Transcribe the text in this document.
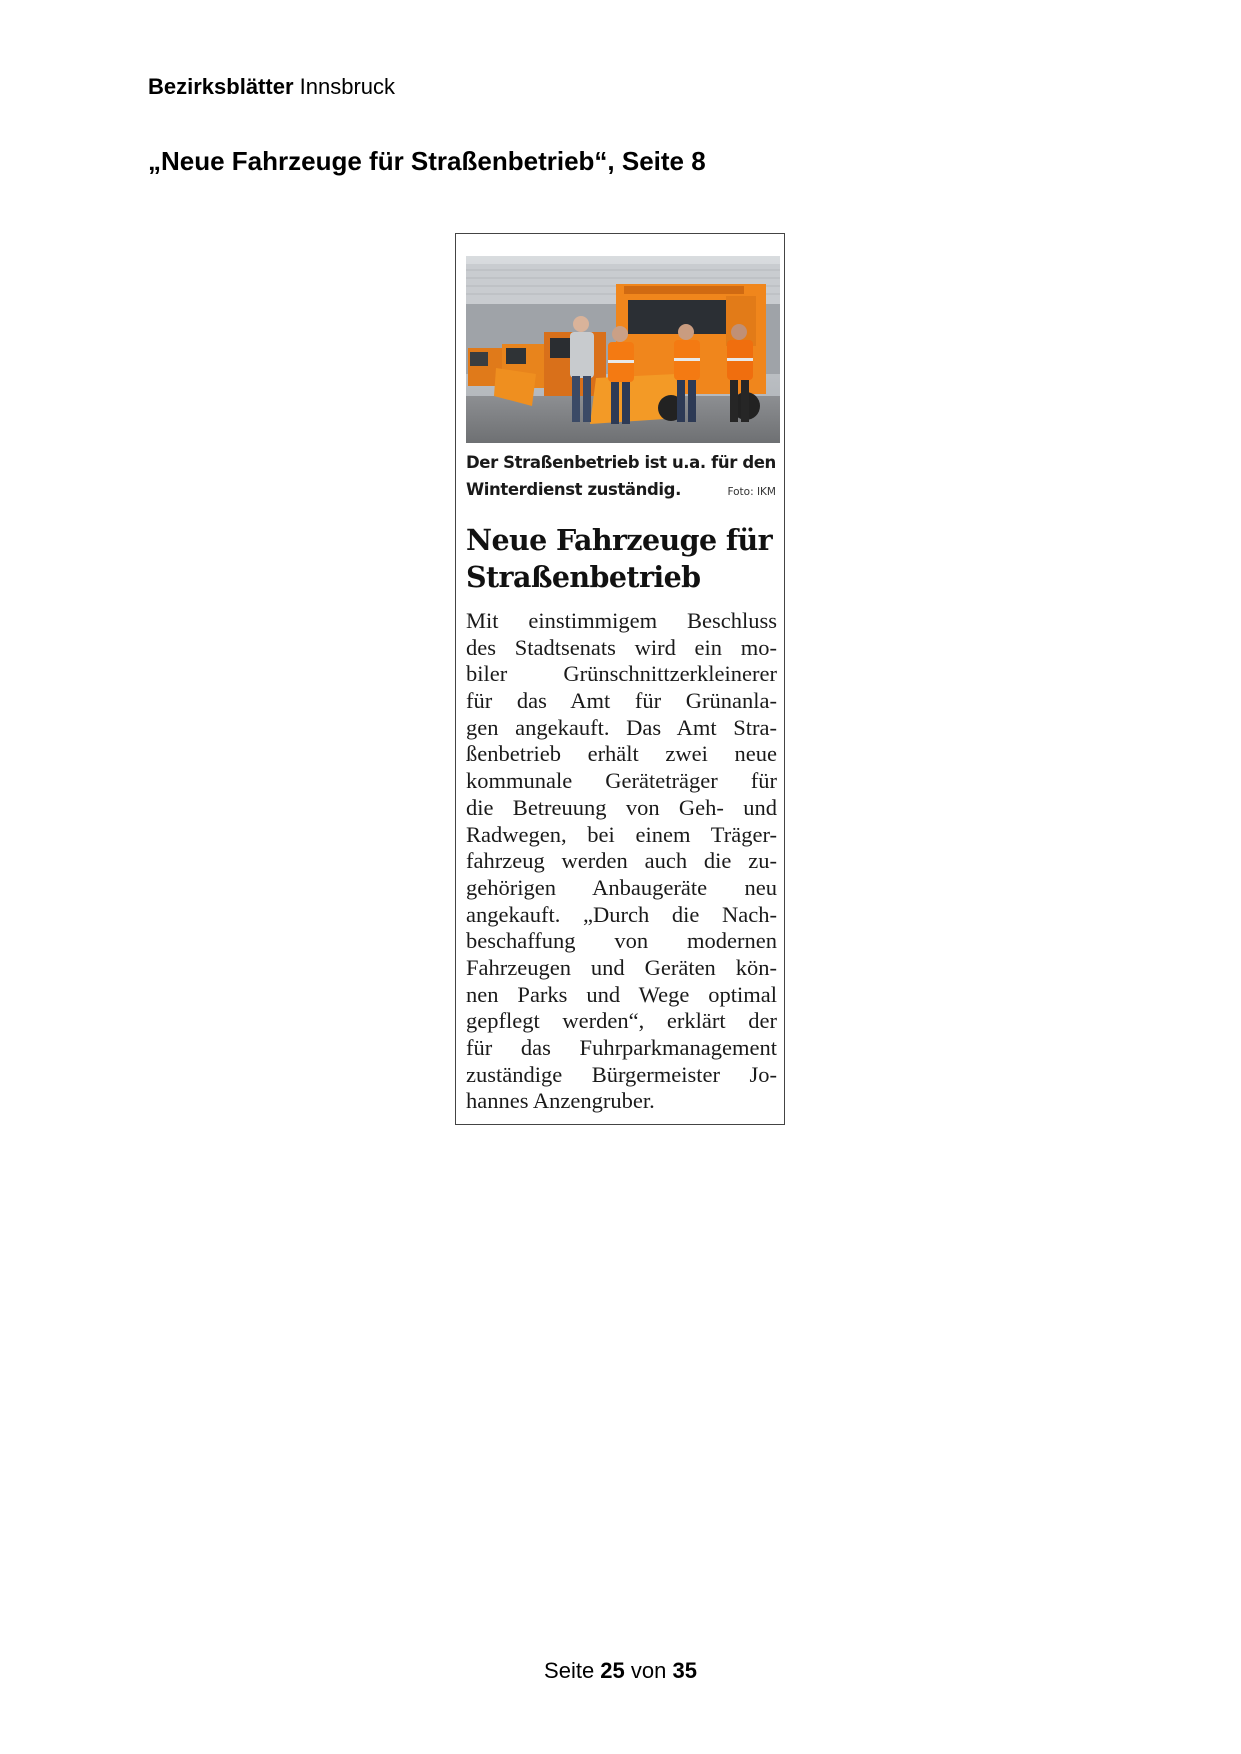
Bezirksblätter Innsbruck
„Neue Fahrzeuge für Straßenbetrieb“, Seite 8
Der Straßenbetrieb ist u.a. für den
Winterdienst zuständig.	Foto: IKM
Neue Fahrzeuge für
Straßenbetrieb
Mit einstimmigem Beschluss
des Stadtsenats wird ein mo-
biler Grünschnittzerkleinerer
für das Amt für Grünanla-
gen angekauft. Das Amt Stra-
ßenbetrieb erhält zwei neue
kommunale Geräteträger für
die Betreuung von Geh- und
Radwegen, bei einem Träger-
fahrzeug werden auch die zu-
gehörigen Anbaugeräte neu
angekauft. „Durch die Nach-
beschaffung von modernen
Fahrzeugen und Geräten kön-
nen Parks und Wege optimal
gepflegt werden“, erklärt der
für das Fuhrparkmanagement
zuständige Bürgermeister Jo-
hannes Anzengruber.
Seite 25 von 35
